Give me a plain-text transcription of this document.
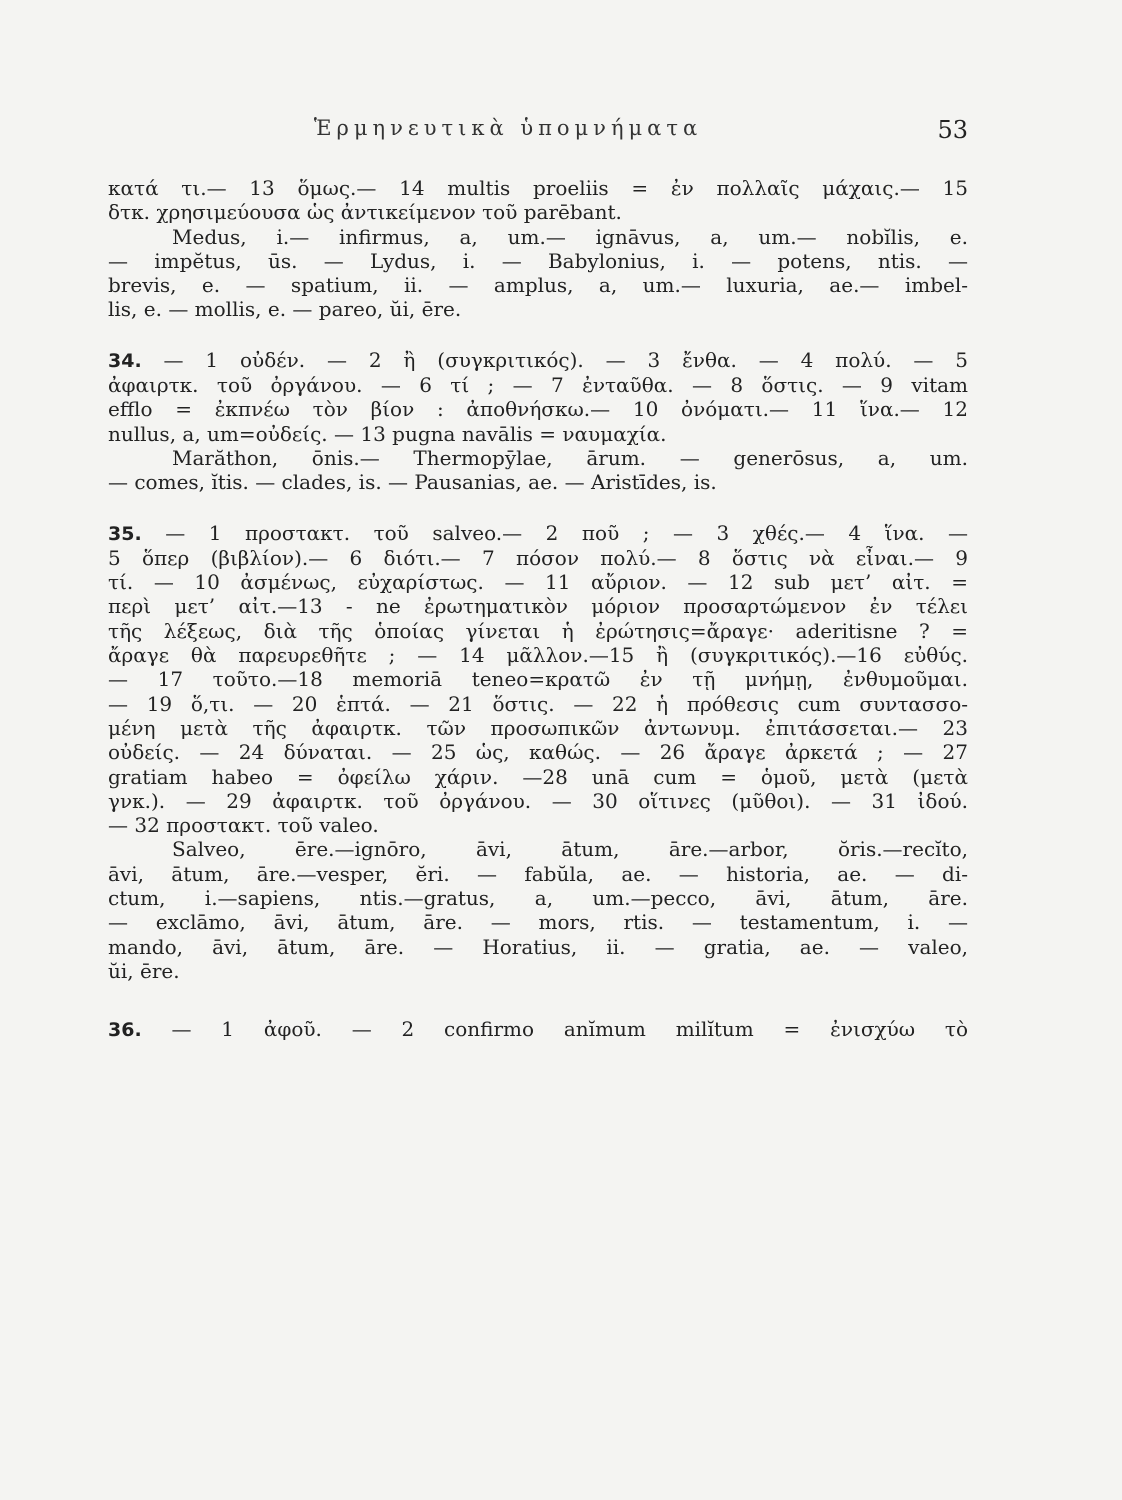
Ἑρμηνευτικὰ ὑπομνήματα	53
κατά τι.— 13 ὅμως.— 14 multis proeliis = ἐν πολλαῖς μάχαις.— 15
δτκ. χρησιμεύουσα ὡς ἀντικείμενον τοῦ parēbant.
Medus, i.— infirmus, a, um.— ignāvus, a, um.— nobĭlis, e.
— impĕtus, ūs. — Lydus, i. — Babylonius, i. — potens, ntis. —
brevis, e. — spatium, ii. — amplus, a, um.— luxuria, ae.— imbel-
lis, e. — mollis, e. — pareo, ŭi, ēre.
34. — 1 οὐδέν. — 2 ἢ (συγκριτικός). — 3 ἔνθα. — 4 πολύ. — 5
ἀφαιρτκ. τοῦ ὀργάνου. — 6 τί ; — 7 ἐνταῦθα. — 8 ὅστις. — 9 vitam
efflo = ἐκπνέω τὸν βίον : ἀποθνήσκω.— 10 ὀνόματι.— 11 ἵνα.— 12
nullus, a, um=οὐδείς. — 13 pugna navālis = ναυμαχία.
Marăthon, ōnis.— Thermopȳlae, ārum. — generōsus, a, um.
— comes, ĭtis. — clades, is. — Pausanias, ae. — Aristīdes, is.
35. — 1 προστακτ. τοῦ salveo.— 2 ποῦ ; — 3 χθές.— 4 ἵνα. —
5 ὅπερ (βιβλίον).— 6 διότι.— 7 πόσον πολύ.— 8 ὅστις νὰ εἶναι.— 9
τί. — 10 ἀσμένως, εὐχαρίστως. — 11 αὔριον. — 12 sub μετ’ αἰτ. =
περὶ μετ’ αἰτ.—13 - ne ἐρωτηματικὸν μόριον προσαρτώμενον ἐν τέλει
τῆς λέξεως, διὰ τῆς ὁποίας γίνεται ἡ ἐρώτησις=ἄραγε· aderitisne ? =
ἄραγε θὰ παρευρεθῆτε ; — 14 μᾶλλον.—15 ἢ (συγκριτικός).—16 εὐθύς.
— 17 τοῦτο.—18 memoriā teneo=κρατῶ ἐν τῇ μνήμῃ, ἐνθυμοῦμαι.
— 19 ὅ,τι. — 20 ἑπτά. — 21 ὅστις. — 22 ἡ πρόθεσις cum συντασσο-
μένη μετὰ τῆς ἀφαιρτκ. τῶν προσωπικῶν ἀντωνυμ. ἐπιτάσσεται.— 23
οὐδείς. — 24 δύναται. — 25 ὡς, καθώς. — 26 ἄραγε ἀρκετά ; — 27
gratiam habeo = ὀφείλω χάριν. —28 unā cum = ὁμοῦ, μετὰ (μετὰ
γνκ.). — 29 ἀφαιρτκ. τοῦ ὀργάνου. — 30 οἵτινες (μῦθοι). — 31 ἰδού.
— 32 προστακτ. τοῦ valeo.
Salveo, ēre.—ignōro, āvi, ātum, āre.—arbor, ŏris.—recĭto,
āvi, ātum, āre.—vesper, ĕri. — fabŭla, ae. — historia, ae. — di-
ctum, i.—sapiens, ntis.—gratus, a, um.—pecco, āvi, ātum, āre.
— exclāmo, āvi, ātum, āre. — mors, rtis. — testamentum, i. —
mando, āvi, ātum, āre. — Horatius, ii. — gratia, ae. — valeo,
ŭi, ēre.
36. — 1 ἀφοῦ. — 2 confirmo anĭmum milĭtum = ἐνισχύω τὸ
